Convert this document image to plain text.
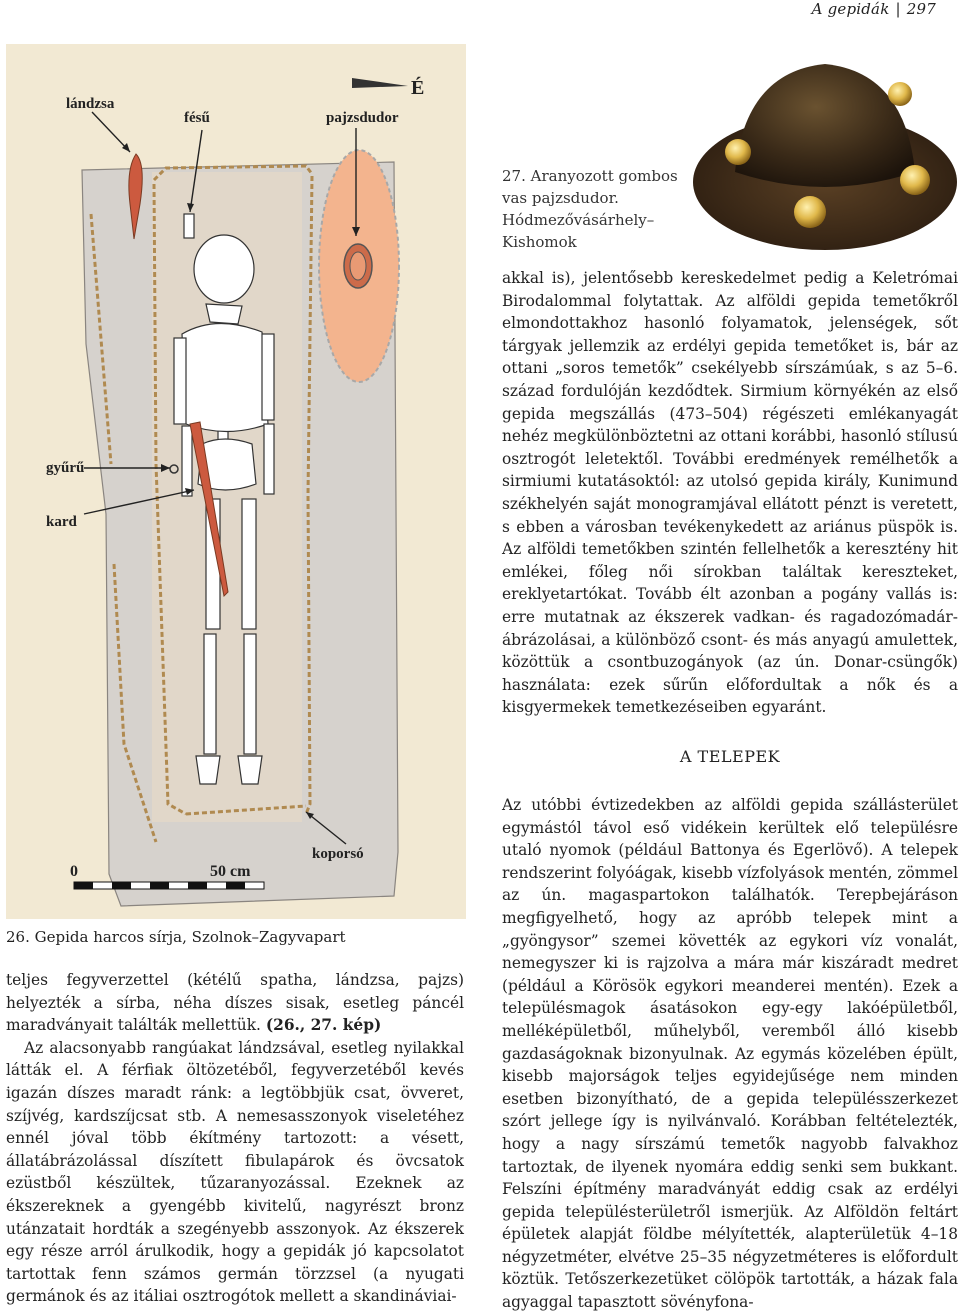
A gepidák | 297
lándzsa
fésű	pajzsdudor
É
gyűrű
kard
koporsó
0	50 cm
26. Gepida harcos sírja, Szolnok–Zagyvapart
27. Aranyozott gombos
vas pajzsdudor.
Hódmezővásárhely–
Kishomok

teljes fegyverzettel (kétélű spatha, lándzsa, pajzs) helyezték a sírba, néha díszes sisak, esetleg páncél maradványait találták mellettük. (26., 27. kép)

Az alacsonyabb rangúakat lándzsával, esetleg nyilakkal látták el. A férfiak öltözetéből, fegyverzetéből kevés igazán díszes maradt ránk: a legtöbbjük csat, övveret, szíjvég, kardszíjcsat stb. A nemesasszonyok viseletéhez ennél jóval több ékítmény tartozott: a vésett, állatábrázolással díszített fibulapárok és övcsatok ezüstből készültek, tűzaranyozással. Ezeknek az ékszereknek a gyengébb kivitelű, nagyrészt bronz utánzatait hordták a szegényebb asszonyok. Az ékszerek egy része arról árulkodik, hogy a gepidák jó kapcsolatot tartottak fenn számos germán törzzsel (a nyugati germánok és az itáliai osztrogótok mellett a skandináviai-

akkal is), jelentősebb kereskedelmet pedig a Keletrómai Birodalommal folytattak. Az alföldi gepida temetőkről elmondottakhoz hasonló folyamatok, jelenségek, sőt tárgyak jellemzik az erdélyi gepida temetőket is, bár az ottani „soros temetők” csekélyebb sírszámúak, s az 5–6. század fordulóján kezdődtek. Sirmium környékén az első gepida megszállás (473–504) régészeti emlékanyagát nehéz megkülönböztetni az ottani korábbi, hasonló stílusú osztrogót leletektől. További eredmények remélhetők a sirmiumi kutatásoktól: az utolsó gepida király, Kunimund székhelyén saját monogramjával ellátott pénzt is veretett, s ebben a városban tevékenykedett az ariánus püspök is. Az alföldi temetőkben szintén fellelhetők a keresztény hit emlékei, főleg női sírokban találtak kereszteket, ereklyetartókat. Tovább élt azonban a pogány vallás is: erre mutatnak az ékszerek vadkan- és ragadozómadár-ábrázolásai, a különböző csont- és más anyagú amulettek, közöttük a csontbuzogányok (az ún. Donar-csüngők) használata: ezek sűrűn előfordultak a nők és a kisgyermekek temetkezéseiben egyaránt.

A TELEPEK

Az utóbbi évtizedekben az alföldi gepida szállásterület egymástól távol eső vidékein kerültek elő településre utaló nyomok (például Battonya és Egerlövő). A telepek rendszerint folyóágak, kisebb vízfolyások mentén, zömmel az ún. magaspartokon találhatók. Terepbejáráson megfigyelhető, hogy az apróbb telepek mint a „gyöngysor” szemei követték az egykori víz vonalát, nemegyszer ki is rajzolva a mára már kiszáradt medret (például a Körösök egykori meanderei mentén). Ezek a településmagok ásatásokon egy-egy lakóépületből, melléképületből, műhelyből, veremből álló kisebb gazdaságoknak bizonyulnak. Az egymás közelében épült, kisebb majorságok teljes egyidejűsége nem minden esetben bizonyítható, de a gepida településszerkezet szórt jellege így is nyilvánvaló. Korábban feltételezték, hogy a nagy sírszámú temetők nagyobb falvakhoz tartoztak, de ilyenek nyomára eddig senki sem bukkant. Felszíni építmény maradványát eddig csak az erdélyi gepida településterületről ismerjük. Az Alföldön feltárt épületek alapját földbe mélyítették, alapterületük 4–18 négyzetméter, elvétve 25–35 négyzetméteres is előfordult köztük. Tetőszerkezetüket cölöpök tartották, a házak fala agyaggal tapasztott sövényfona-
